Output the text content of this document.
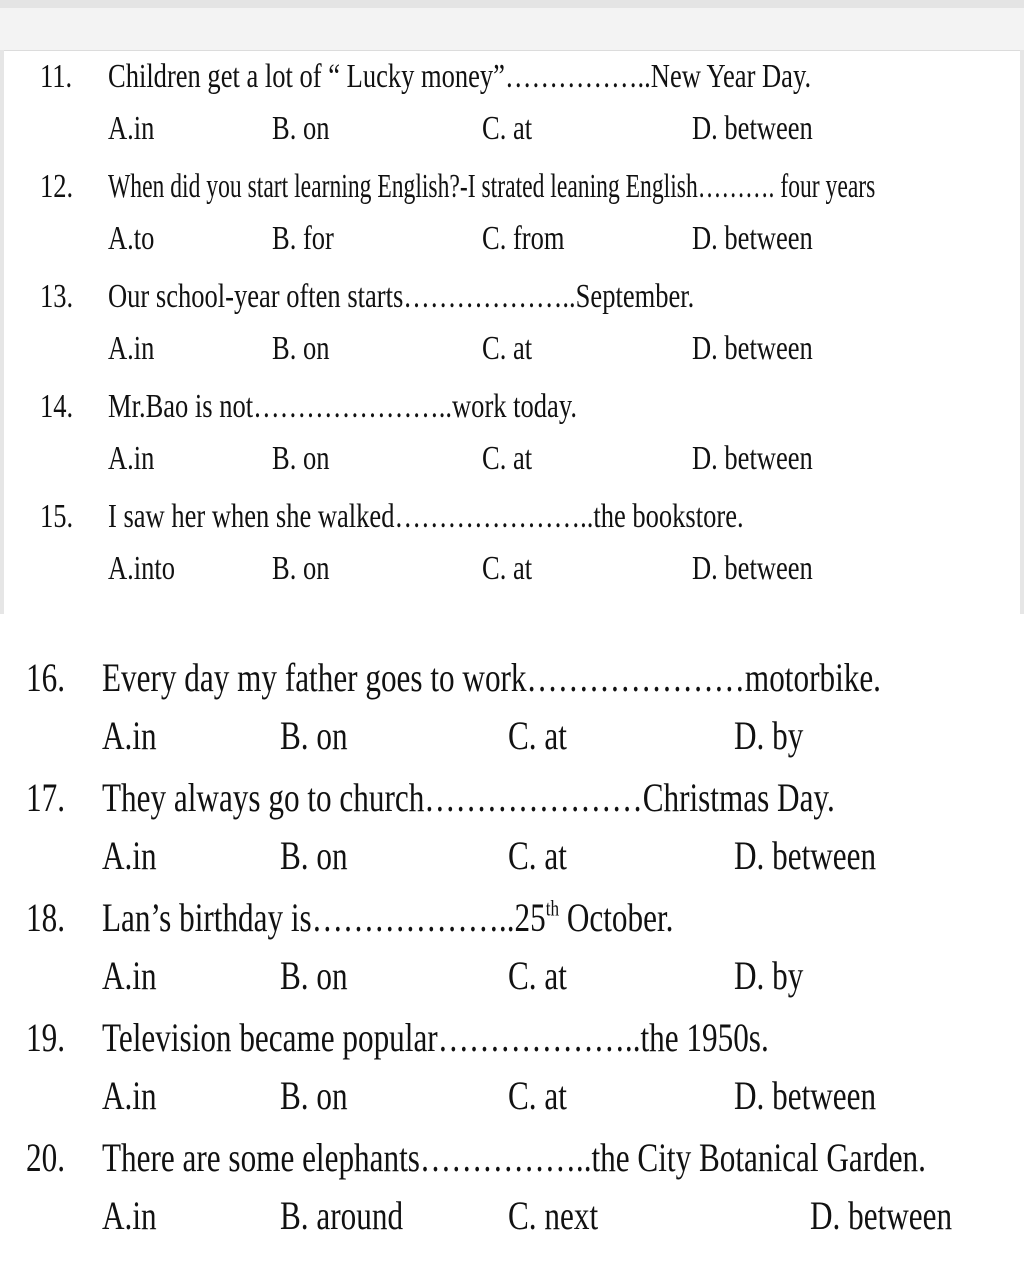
11. Children get a lot of “ Lucky money”……………..New Year Day.
A.in	B. on	C. at	D. between
12. When did you start learning English?-I strated leaning English………. four years
A.to	B. for	C. from	D. between
13. Our school-year often starts………………..September.
A.in	B. on	C. at	D. between
14. Mr.Bao is not…………………..work today.
A.in	B. on	C. at	D. between
15. I saw her when she walked…………………..the bookstore.
A.into	B. on	C. at	D. between
16. Every day my father goes to work…………………motorbike.
A.in	B. on	C. at	D. by
17. They always go to church…………………Christmas Day.
A.in	B. on	C. at	D. between
18. Lan’s birthday is………………..25th October.
A.in	B. on	C. at	D. by
19. Television became popular………………..the 1950s.
A.in	B. on	C. at	D. between
20. There are some elephants……………..the City Botanical Garden.
A.in	B. around	C. next	D. between
